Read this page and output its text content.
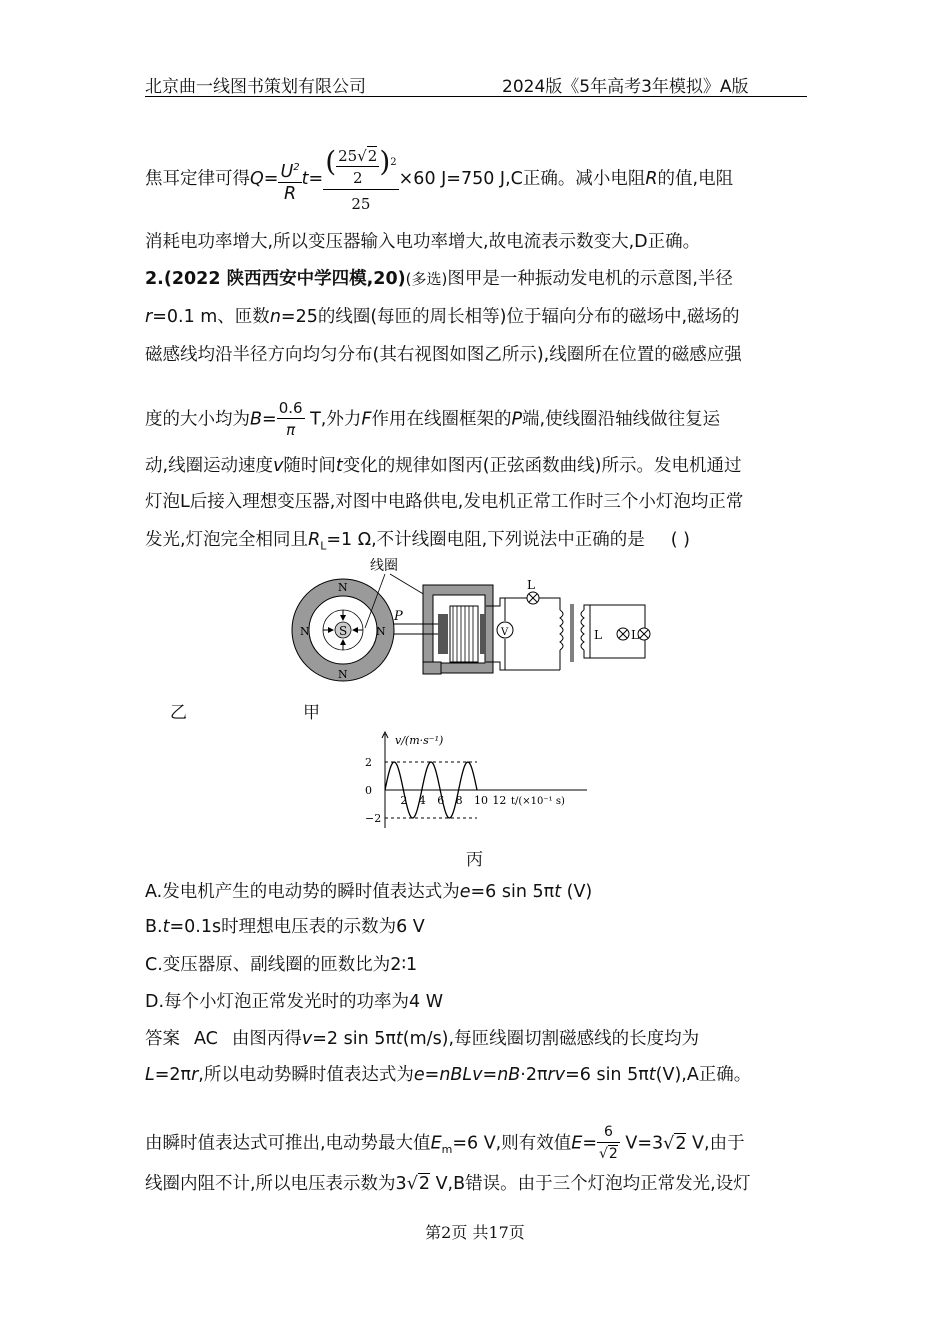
北京曲一线图书策划有限公司	2024版《5年高考3年模拟》A版
焦耳定律可得$Q= \frac{U^2}{R} t= \frac{( \frac{25√2}{2} )^2}{25} \times 60$ J=750 J,C正确。减小电阻R的值,电阻
消耗电功率增大,所以变压器输入电功率增大,故电流表示数变大,D正确。
2.(2022 陕西西安中学四模,20)(多选)图甲是一种振动发电机的示意图,半径
r=0.1 m、匝数n=25的线圈(每匝的周长相等)位于辐向分布的磁场中,磁场的
磁感线均沿半径方向均匀分布(其右视图如图乙所示),线圈所在位置的磁感应强
度的大小均为$B= \frac{0.6}{\pi} T$,外力F作用在线圈框架的P端,使线圈沿轴线做往复运
动,线圈运动速度v随时间t变化的规律如图丙(正弦函数曲线)所示。发电机通过
灯泡L后接入理想变压器,对图中电路供电,发电机正常工作时三个小灯泡均正常
发光,灯泡完全相同且$R_L=1$ Ω,不计线圈电阻,下列说法中正确的是 ( )
S
N
N
N	N
线圈
P
V
L
L L
乙	甲
v/(m·s⁻¹)
t/(×10⁻¹ s)
2 4 6 8 10 12
2
0
−2
丙
A.发电机产生的电动势的瞬时值表达式为e=6 sin 5πt (V)
B.t=0.1s时理想电压表的示数为6 V
C.变压器原、副线圈的匝数比为2∶1
D.每个小灯泡正常发光时的功率为4 W
答案 AC 由图丙得v=2 sin 5πt(m/s),每匝线圈切割磁感线的长度均为
L=2πr,所以电动势瞬时值表达式为e=nBLv=nB·2πrv=6 sin 5πt(V),A正确。
由瞬时值表达式可推出,电动势最大值$E_m=6$ V,则有效值$E= \frac{6}{√2} V=3√2$ V,由于
线圈内阻不计,所以电压表示数为3√2 V,B错误。由于三个灯泡均正常发光,设灯
第2页 共17页
